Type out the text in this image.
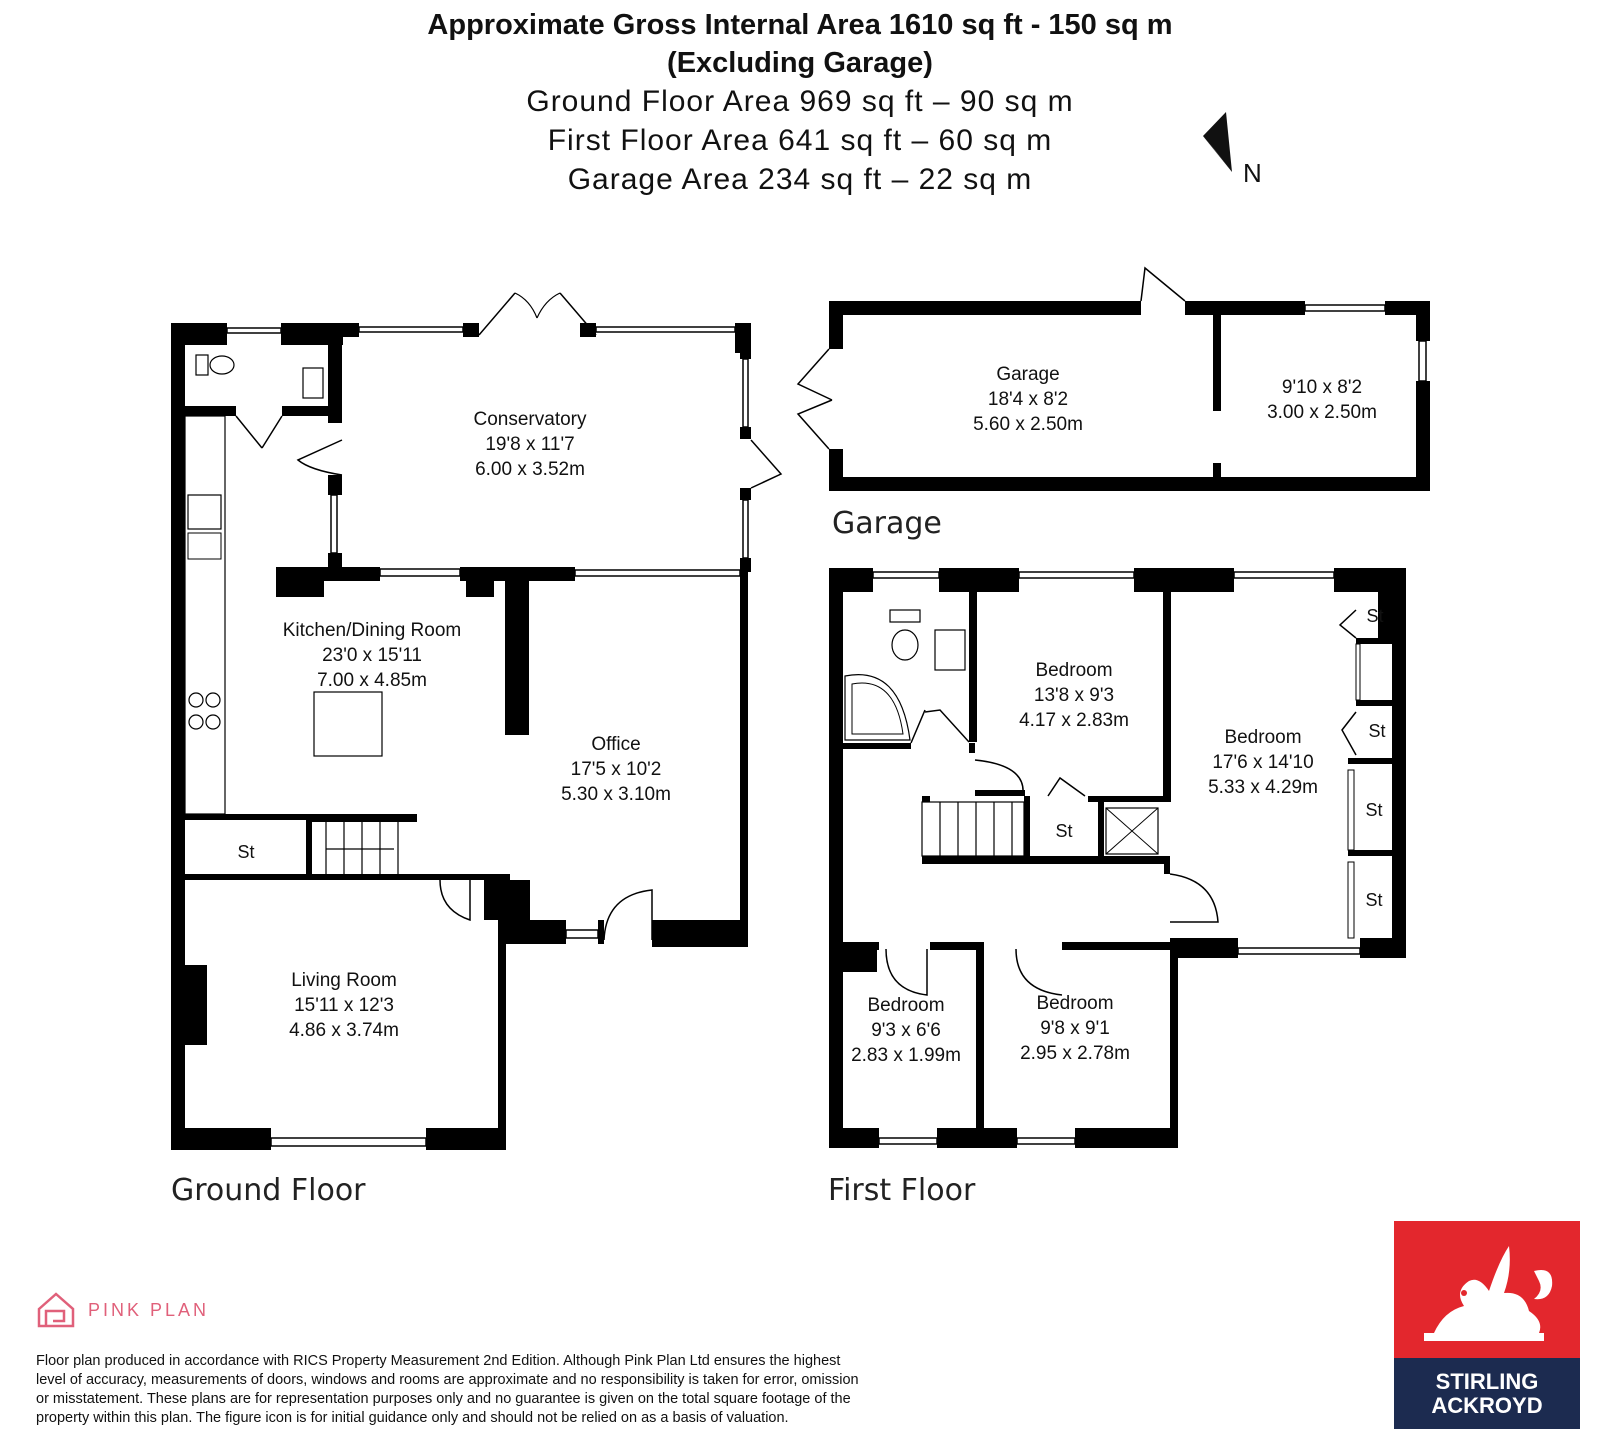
Approximate Gross Internal Area 1610 sq ft - 150 sq m
(Excluding Garage)
Ground Floor Area 969 sq ft – 90 sq m
First Floor Area 641 sq ft – 60 sq m
Garage Area 234 sq ft – 22 sq m	N
St
Conservatory
19'8 x 11'7
6.00 x 3.52m
Kitchen/Dining Room
23'0 x 15'11
7.00 x 4.85m
Office
17'5 x 10'2
5.30 x 3.10m
Living Room
15'11 x 12'3
4.86 x 3.74m
Ground Floor
Garage
18'4 x 8'2
5.60 x 2.50m
9'10 x 8'2
3.00 x 2.50m
Garage
St
St
St
St
St
Bedroom
13'8 x 9'3
4.17 x 2.83m
Bedroom
17'6 x 14'10
5.33 x 4.29m
Bedroom
9'3 x 6'6
2.83 x 1.99m
Bedroom
9'8 x 9'1
2.95 x 2.78m
First Floor
PINK PLAN
Floor plan produced in accordance with RICS Property Measurement 2nd Edition. Although Pink Plan Ltd ensures the highest
level of accuracy, measurements of doors, windows and rooms are approximate and no responsibility is taken for error, omission
or misstatement. These plans are for representation purposes only and no guarantee is given on the total square footage of the
property within this plan. The figure icon is for initial guidance only and should not be relied on as a basis of valuation.
STIRLING
ACKROYD
